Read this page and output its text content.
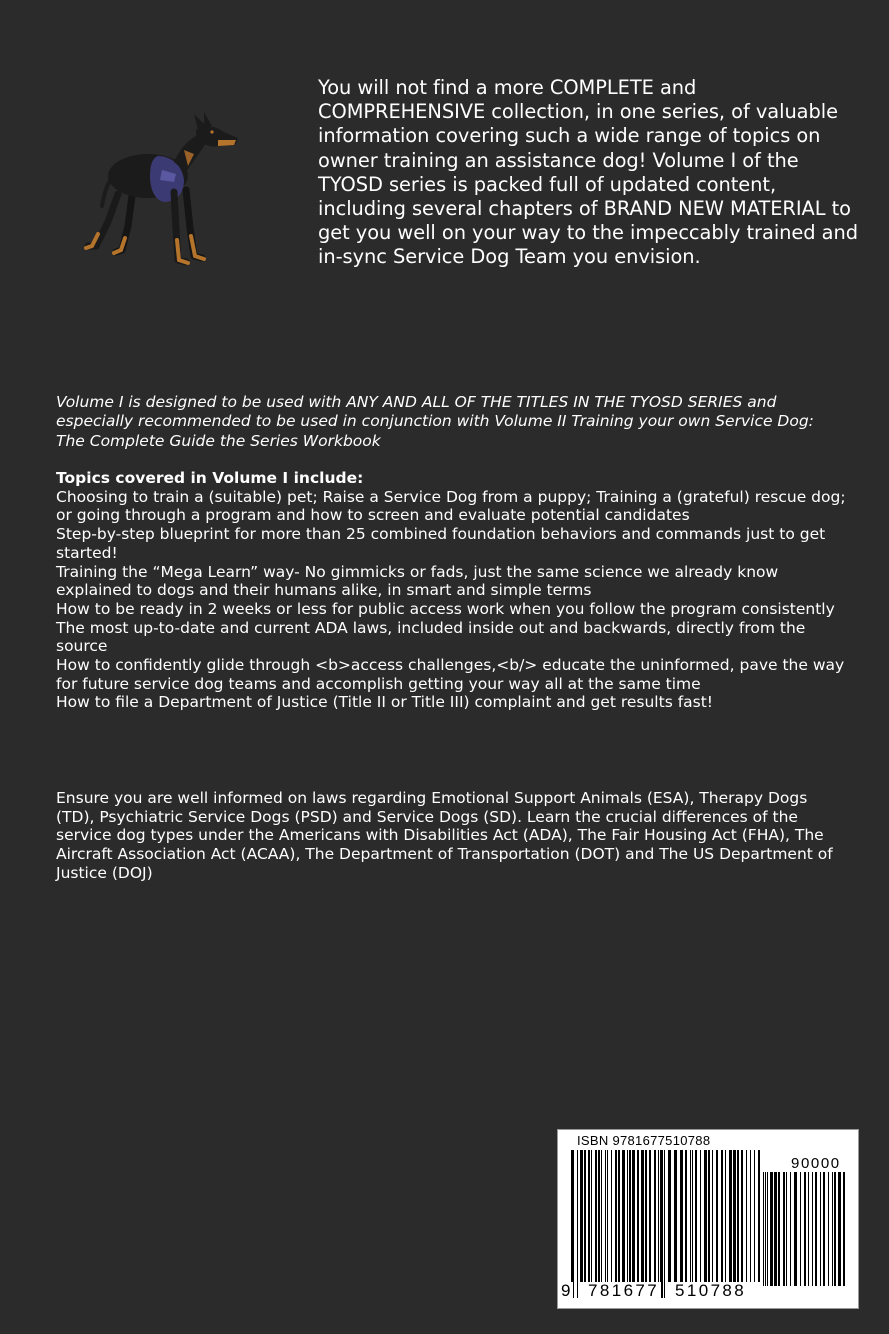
You will not find a more COMPLETE and COMPREHENSIVE collection, in one series, of valuable information covering such a wide range of topics on owner training an assistance dog! Volume I of the TYOSD series is packed full of updated content, including several chapters of BRAND NEW MATERIAL to get you well on your way to the impeccably trained and in-sync Service Dog Team you envision.
Volume I is designed to be used with ANY AND ALL OF THE TITLES IN THE TYOSD SERIES and especially recommended to be used in conjunction with Volume II Training your own Service Dog: The Complete Guide the Series Workbook

Topics covered in Volume I include:

Choosing to train a (suitable) pet; Raise a Service Dog from a puppy; Training a (grateful) rescue dog; or going through a program and how to screen and evaluate potential candidates

Step-by-step blueprint for more than 25 combined foundation behaviors and commands just to get started!

Training the “Mega Learn” way- No gimmicks or fads, just the same science we already know explained to dogs and their humans alike, in smart and simple terms

How to be ready in 2 weeks or less for public access work when you follow the program consistently

The most up-to-date and current ADA laws, included inside out and backwards, directly from the source

How to confidently glide through <b>access challenges,<b/> educate the uninformed, pave the way for future service dog teams and accomplish getting your way all at the same time

How to file a Department of Justice (Title II or Title III) complaint and get results fast!

Ensure you are well informed on laws regarding Emotional Support Animals (ESA), Therapy Dogs (TD), Psychiatric Service Dogs (PSD) and Service Dogs (SD). Learn the crucial differences of the service dog types under the Americans with Disabilities Act (ADA), The Fair Housing Act (FHA), The Aircraft Association Act (ACAA), The Department of Transportation (DOT) and The US Department of Justice (DOJ)

ISBN 9781677510788
90000
9 781677 510788
